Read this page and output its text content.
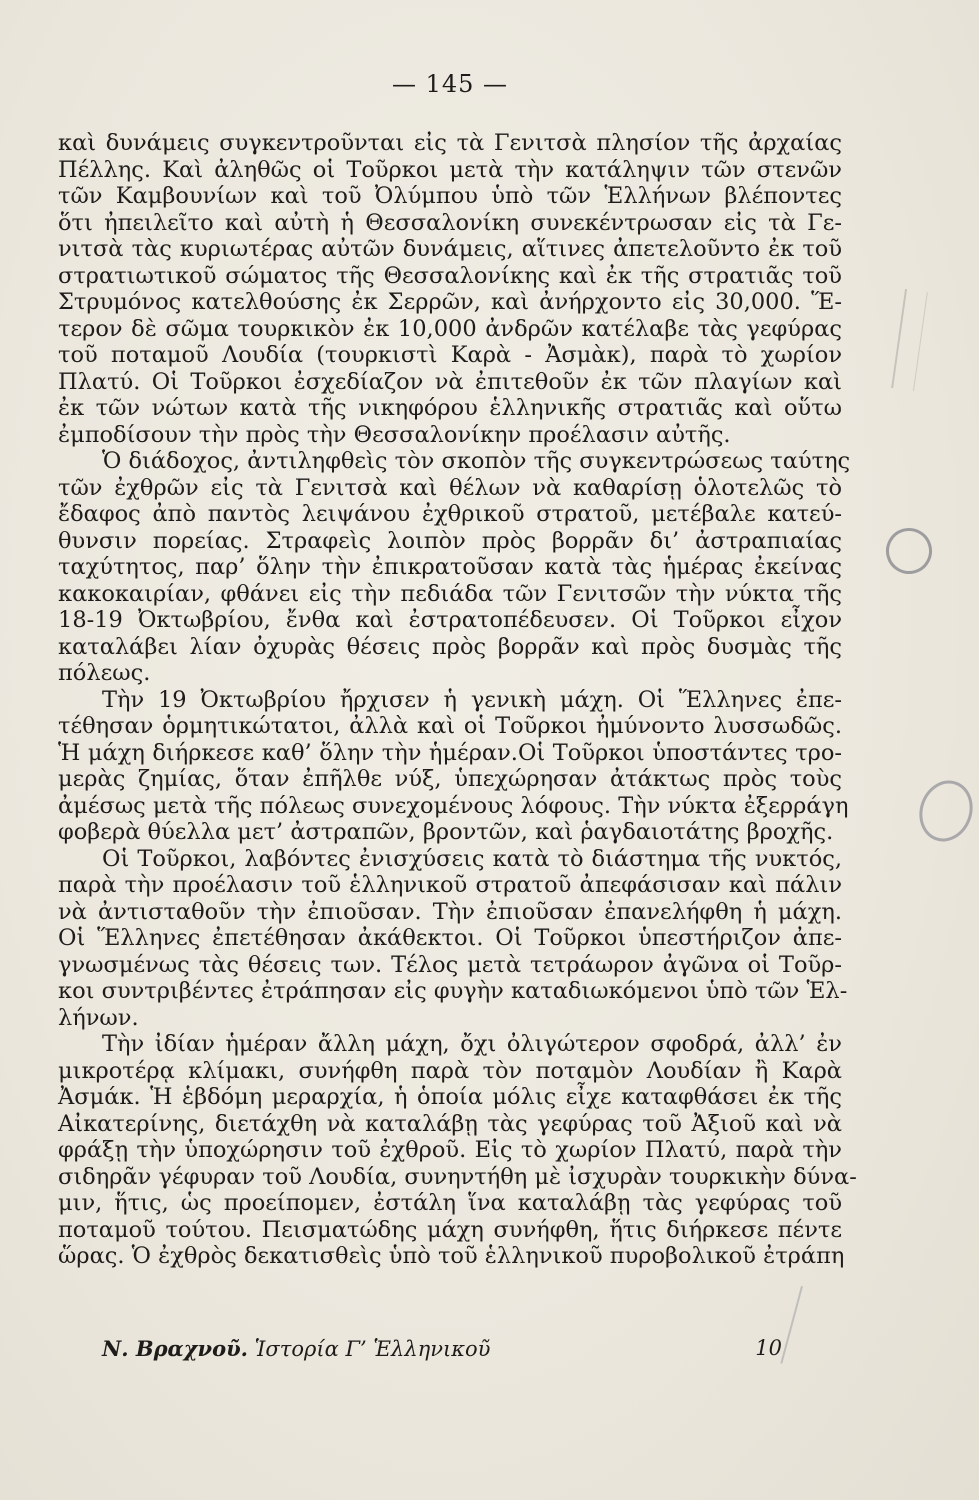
— 145 —
καὶ δυνάμεις συγκεντροῦνται εἰς τὰ Γενιτσὰ πλησίον τῆς ἀρχαίας
Πέλλης. Καὶ ἀληθῶς οἱ Τοῦρκοι μετὰ τὴν κατάληψιν τῶν στενῶν
τῶν Καμβουνίων καὶ τοῦ Ὀλύμπου ὑπὸ τῶν Ἑλλήνων βλέποντες
ὅτι ἠπειλεῖτο καὶ αὐτὴ ἡ Θεσσαλονίκη συνεκέντρωσαν εἰς τὰ Γε-
νιτσὰ τὰς κυριωτέρας αὐτῶν δυνάμεις, αἵτινες ἀπετελοῦντο ἐκ τοῦ
στρατιωτικοῦ σώματος τῆς Θεσσαλονίκης καὶ ἐκ τῆς στρατιᾶς τοῦ
Στρυμόνος κατελθούσης ἐκ Σερρῶν, καὶ ἀνήρχοντο εἰς 30,000. Ἕ-
τερον δὲ σῶμα τουρκικὸν ἐκ 10,000 ἀνδρῶν κατέλαβε τὰς γεφύρας
τοῦ ποταμοῦ Λουδία (τουρκιστὶ Καρὰ - Ἀσμὰκ), παρὰ τὸ χωρίον
Πλατύ. Οἱ Τοῦρκοι ἐσχεδίαζον νὰ ἐπιτεθοῦν ἐκ τῶν πλαγίων καὶ
ἐκ τῶν νώτων κατὰ τῆς νικηφόρου ἑλληνικῆς στρατιᾶς καὶ οὕτω
ἐμποδίσουν τὴν πρὸς τὴν Θεσσαλονίκην προέλασιν αὐτῆς.
Ὁ διάδοχος, ἀντιληφθεὶς τὸν σκοπὸν τῆς συγκεντρώσεως ταύτης
τῶν ἐχθρῶν εἰς τὰ Γενιτσὰ καὶ θέλων νὰ καθαρίσῃ ὁλοτελῶς τὸ
ἔδαφος ἀπὸ παντὸς λειψάνου ἐχθρικοῦ στρατοῦ, μετέβαλε κατεύ-
θυνσιν πορείας. Στραφεὶς λοιπὸν πρὸς βορρᾶν δι’ ἀστραπιαίας
ταχύτητος, παρ’ ὅλην τὴν ἐπικρατοῦσαν κατὰ τὰς ἡμέρας ἐκείνας
κακοκαιρίαν, φθάνει εἰς τὴν πεδιάδα τῶν Γενιτσῶν τὴν νύκτα τῆς
18-19 Ὀκτωβρίου, ἔνθα καὶ ἐστρατοπέδευσεν. Οἱ Τοῦρκοι εἶχον
καταλάβει λίαν ὀχυρὰς θέσεις πρὸς βορρᾶν καὶ πρὸς δυσμὰς τῆς
πόλεως.
Τὴν 19 Ὀκτωβρίου ἤρχισεν ἡ γενικὴ μάχη. Οἱ Ἕλληνες ἐπε-
τέθησαν ὁρμητικώτατοι, ἀλλὰ καὶ οἱ Τοῦρκοι ἠμύνοντο λυσσωδῶς.
Ἡ μάχη διήρκεσε καθ’ ὅλην τὴν ἡμέραν.Οἱ Τοῦρκοι ὑποστάντες τρο-
μερὰς ζημίας, ὅταν ἐπῆλθε νύξ, ὑπεχώρησαν ἀτάκτως πρὸς τοὺς
ἀμέσως μετὰ τῆς πόλεως συνεχομένους λόφους. Τὴν νύκτα ἐξερράγη
φοβερὰ θύελλα μετ’ ἀστραπῶν, βροντῶν, καὶ ῥαγδαιοτάτης βροχῆς.
Οἱ Τοῦρκοι, λαβόντες ἐνισχύσεις κατὰ τὸ διάστημα τῆς νυκτός,
παρὰ τὴν προέλασιν τοῦ ἑλληνικοῦ στρατοῦ ἀπεφάσισαν καὶ πάλιν
νὰ ἀντισταθοῦν τὴν ἐπιοῦσαν. Τὴν ἐπιοῦσαν ἐπανελήφθη ἡ μάχη.
Οἱ Ἕλληνες ἐπετέθησαν ἀκάθεκτοι. Οἱ Τοῦρκοι ὑπεστήριζον ἀπε-
γνωσμένως τὰς θέσεις των. Τέλος μετὰ τετράωρον ἀγῶνα οἱ Τοῦρ-
κοι συντριβέντες ἐτράπησαν εἰς φυγὴν καταδιωκόμενοι ὑπὸ τῶν Ἑλ-
λήνων.
Τὴν ἰδίαν ἡμέραν ἄλλη μάχη, ὄχι ὀλιγώτερον σφοδρά, ἀλλ’ ἐν
μικροτέρᾳ κλίμακι, συνήφθη παρὰ τὸν ποταμὸν Λουδίαν ἢ Καρὰ
Ἀσμάκ. Ἡ ἑβδόμη μεραρχία, ἡ ὁποία μόλις εἶχε καταφθάσει ἐκ τῆς
Αἰκατερίνης, διετάχθη νὰ καταλάβῃ τὰς γεφύρας τοῦ Ἀξιοῦ καὶ νὰ
φράξῃ τὴν ὑποχώρησιν τοῦ ἐχθροῦ. Εἰς τὸ χωρίον Πλατύ, παρὰ τὴν
σιδηρᾶν γέφυραν τοῦ Λουδία, συνηντήθη μὲ ἰσχυρὰν τουρκικὴν δύνα-
μιν, ἥτις, ὡς προείπομεν, ἐστάλη ἵνα καταλάβῃ τὰς γεφύρας τοῦ
ποταμοῦ τούτου. Πεισματώδης μάχη συνήφθη, ἥτις διήρκεσε πέντε
ὥρας. Ὁ ἐχθρὸς δεκατισθεὶς ὑπὸ τοῦ ἑλληνικοῦ πυροβολικοῦ ἐτράπη
Ν. Βραχνοῦ. Ἱστορία Γ’ Ἑλληνικοῦ	10
